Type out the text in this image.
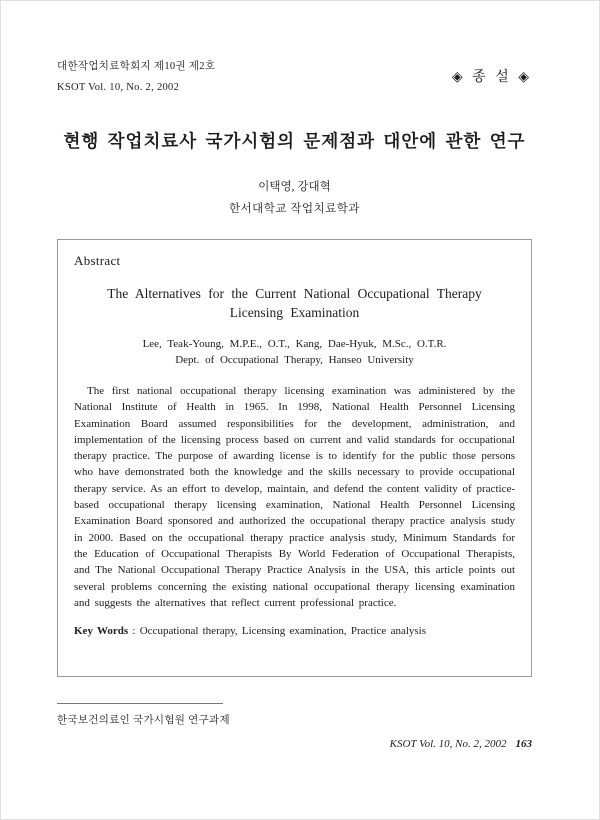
대한작업치료학회지 제10권 제2호
KSOT Vol. 10, No. 2, 2002
◈ 종 설 ◈
현행 작업치료사 국가시험의 문제점과 대안에 관한 연구
이택영, 강대혁
한서대학교 작업치료학과
Abstract
The Alternatives for the Current National Occupational Therapy Licensing Examination
Lee, Teak-Young, M.P.E., O.T., Kang, Dae-Hyuk, M.Sc., O.T.R.
Dept. of Occupational Therapy, Hanseo University

The first national occupational therapy licensing examination was administered by the National Institute of Health in 1965. In 1998, National Health Personnel Licensing Examination Board assumed responsibilities for the development, administration, and implementation of the licensing process based on current and valid standards for occupational therapy practice. The purpose of awarding license is to identify for the public those persons who have demonstrated both the knowledge and the skills necessary to provide occupational therapy service. As an effort to develop, maintain, and defend the content validity of practice-based occupational therapy licensing examination, National Health Personnel Licensing Examination Board sponsored and authorized the occupational therapy practice analysis study in 2000. Based on the occupational therapy practice analysis study, Minimum Standards for the Education of Occupational Therapists By World Federation of Occupational Therapists, and The National Occupational Therapy Practice Analysis in the USA, this article points out several problems concerning the existing national occupational therapy licensing examination and suggests the alternatives that reflect current professional practice.

Key Words : Occupational therapy, Licensing examination, Practice analysis
한국보건의료인 국가시험원 연구과제
KSOT Vol. 10, No. 2, 2002 163
